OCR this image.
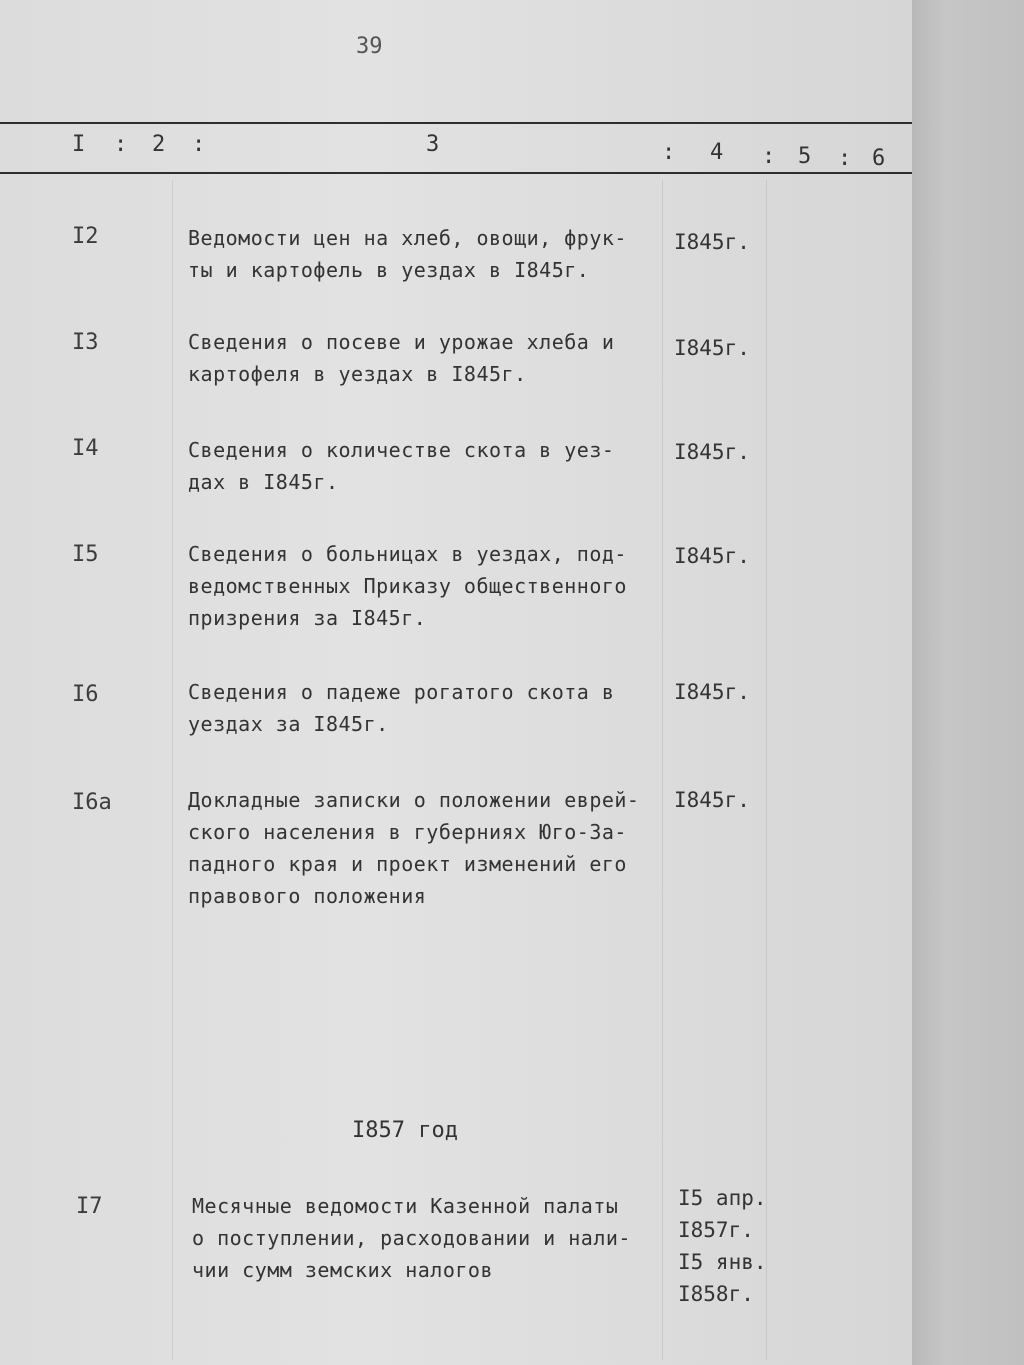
39
I : 2 :	3	: 4 : 5 : 6
I2	Ведомости цен на хлеб, овощи, фрук-
ты и картофель в уездах в I845г.
I845г.
I3	Сведения о посеве и урожае хлеба и
картофеля в уездах в I845г.
I845г.
I4	Сведения о количестве скота в уез-
дах в I845г.
I845г.
I5	Сведения о больницах в уездах, под-
ведомственных Приказу общественного
призрения за I845г.
I845г.
I6	Сведения о падеже рогатого скота в
уездах за I845г.
I845г.
I6а	Докладные записки о положении еврей-
ского населения в губерниях Юго-За-
падного края и проект изменений его
правового положения
I845г.
I857 год
I7	Месячные ведомости Казенной палаты
о поступлении, расходовании и нали-
чии сумм земских налогов
I5 апр.
I857г.
I5 янв.
I858г.
